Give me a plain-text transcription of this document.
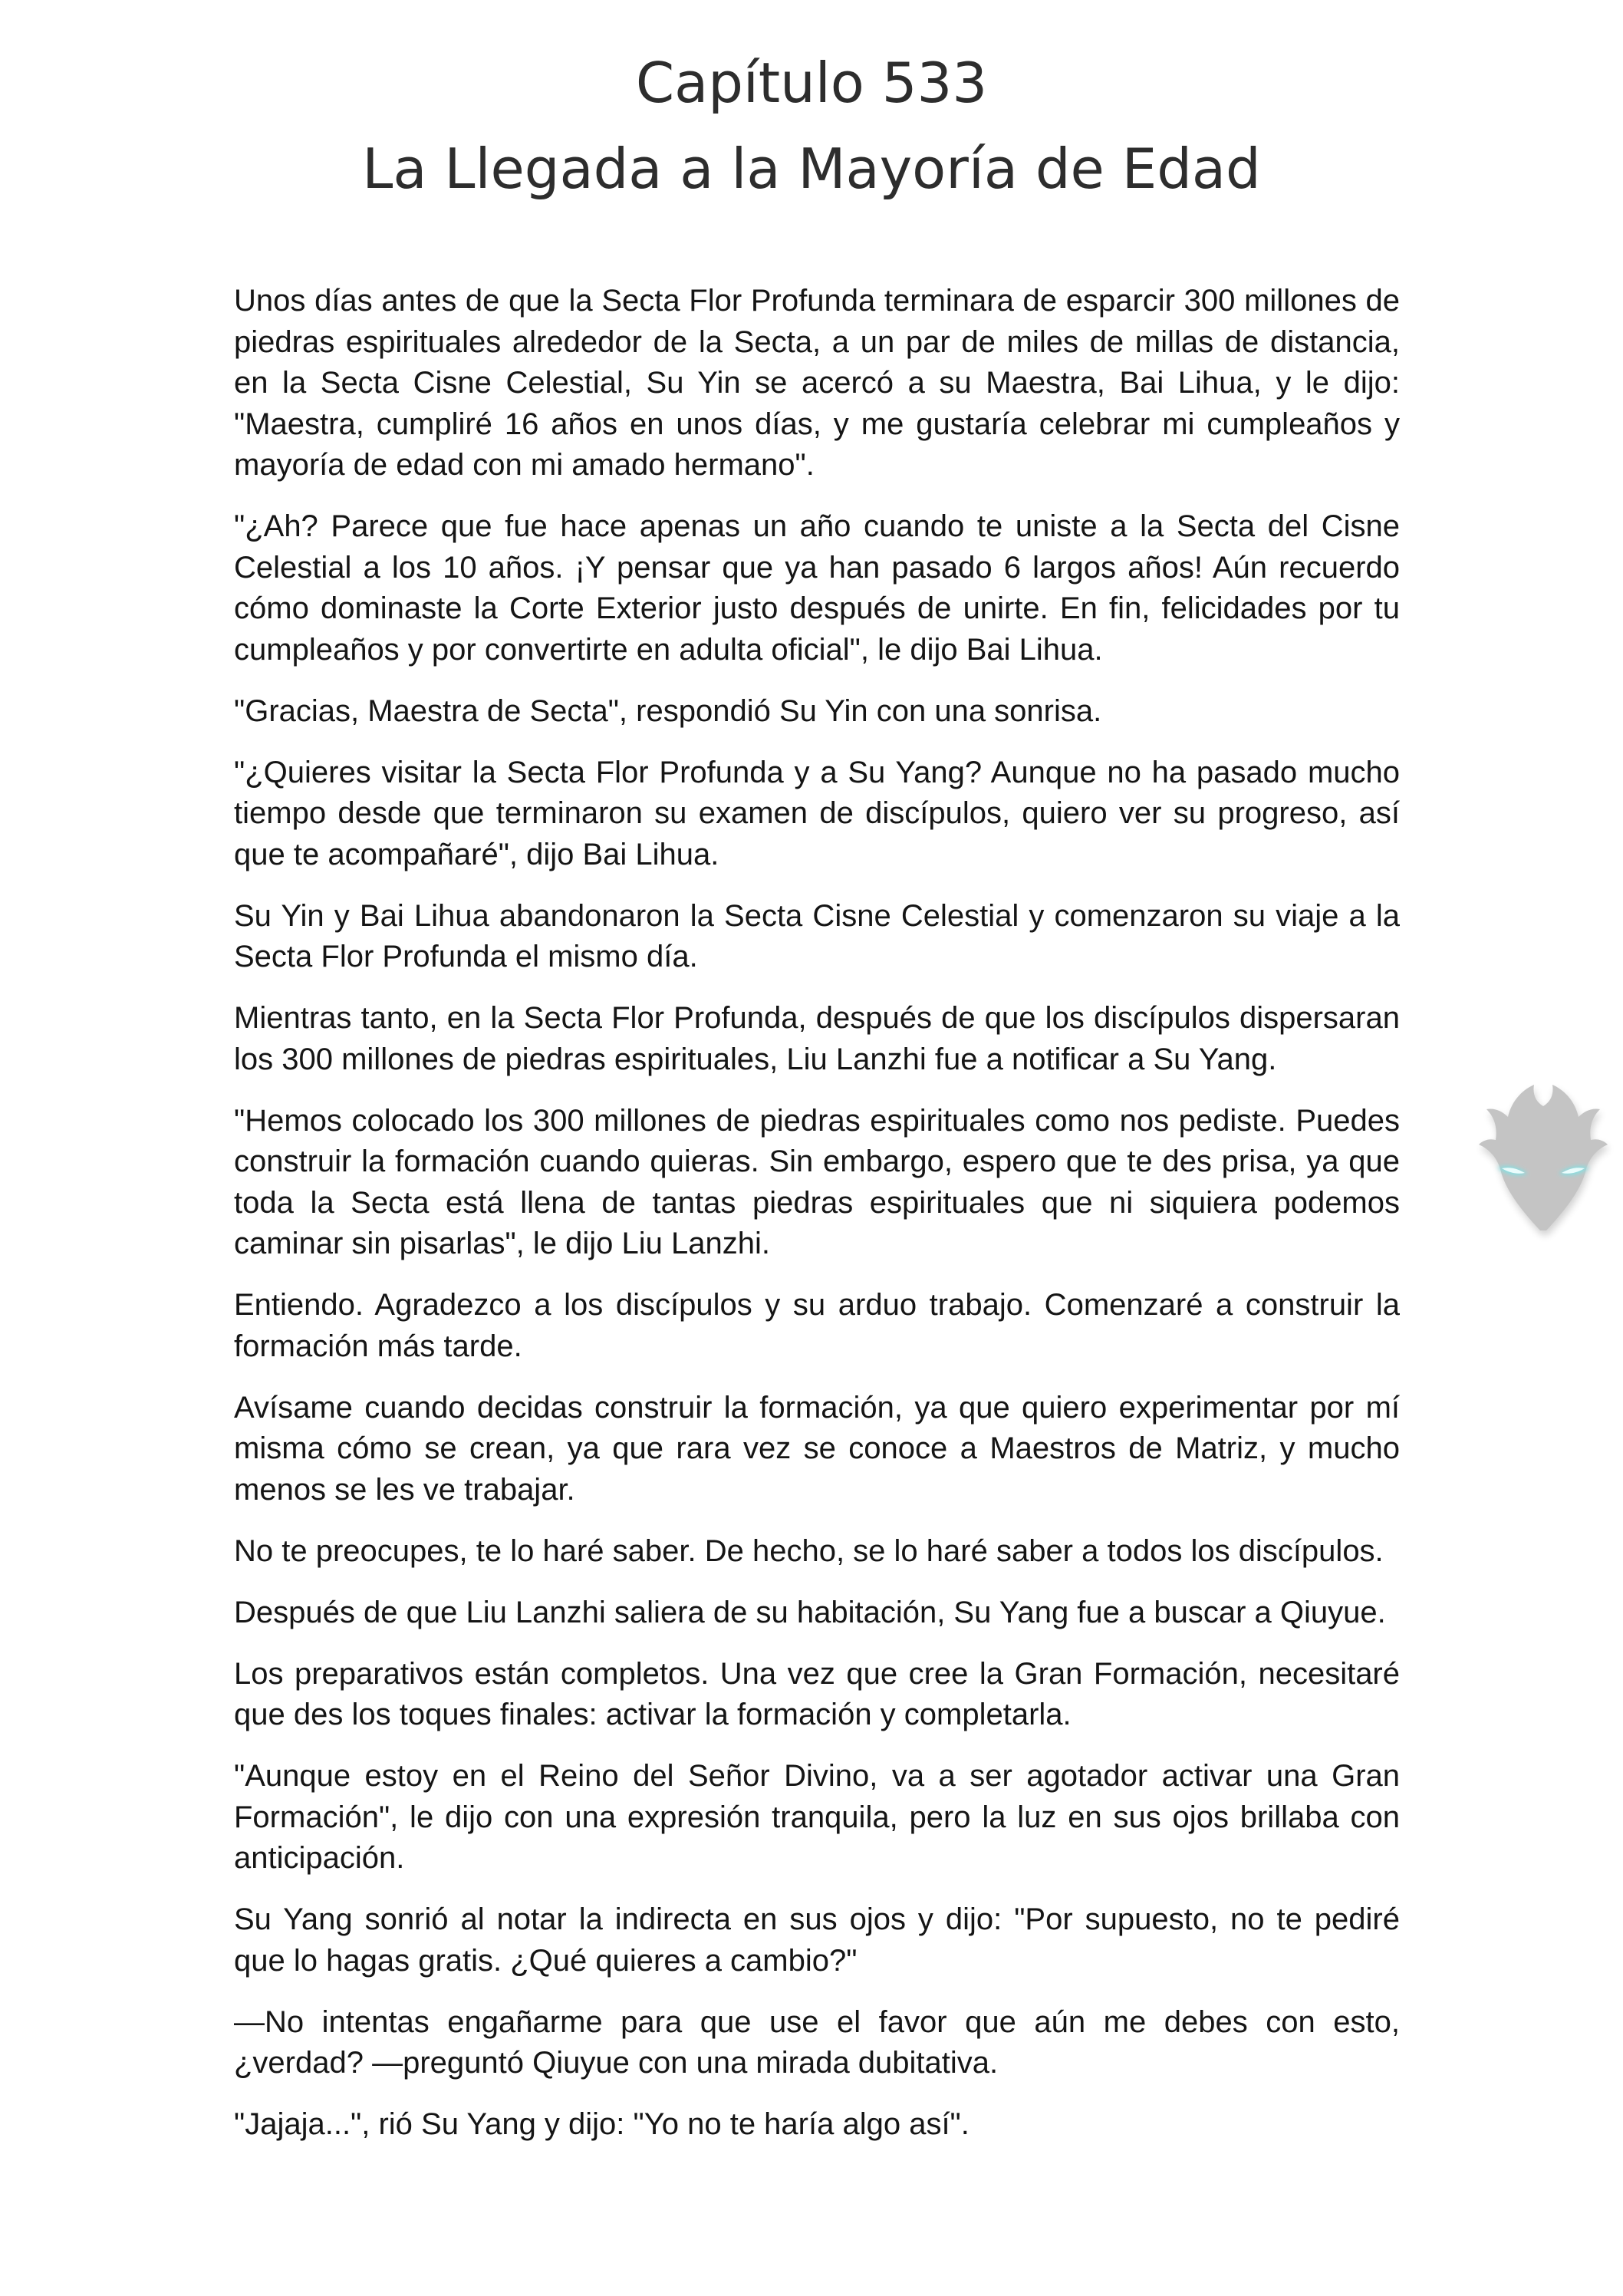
Capítulo 533
La Llegada a la Mayoría de Edad

Unos días antes de que la Secta Flor Profunda terminara de esparcir 300 millones de piedras espirituales alrededor de la Secta, a un par de miles de millas de distancia, en la Secta Cisne Celestial, Su Yin se acercó a su Maestra, Bai Lihua, y le dijo: "Maestra, cumpliré 16 años en unos días, y me gustaría celebrar mi cumpleaños y mayoría de edad con mi amado hermano".

"¿Ah? Parece que fue hace apenas un año cuando te uniste a la Secta del Cisne Celestial a los 10 años. ¡Y pensar que ya han pasado 6 largos años! Aún recuerdo cómo dominaste la Corte Exterior justo después de unirte. En fin, felicidades por tu cumpleaños y por convertirte en adulta oficial", le dijo Bai Lihua.

"Gracias, Maestra de Secta", respondió Su Yin con una sonrisa.

"¿Quieres visitar la Secta Flor Profunda y a Su Yang? Aunque no ha pasado mucho tiempo desde que terminaron su examen de discípulos, quiero ver su progreso, así que te acompañaré", dijo Bai Lihua.

Su Yin y Bai Lihua abandonaron la Secta Cisne Celestial y comenzaron su viaje a la Secta Flor Profunda el mismo día.

Mientras tanto, en la Secta Flor Profunda, después de que los discípulos dispersaran los 300 millones de piedras espirituales, Liu Lanzhi fue a notificar a Su Yang.

"Hemos colocado los 300 millones de piedras espirituales como nos pediste. Puedes construir la formación cuando quieras. Sin embargo, espero que te des prisa, ya que toda la Secta está llena de tantas piedras espirituales que ni siquiera podemos caminar sin pisarlas", le dijo Liu Lanzhi.

Entiendo. Agradezco a los discípulos y su arduo trabajo. Comenzaré a construir la formación más tarde.

Avísame cuando decidas construir la formación, ya que quiero experimentar por mí misma cómo se crean, ya que rara vez se conoce a Maestros de Matriz, y mucho menos se les ve trabajar.

No te preocupes, te lo haré saber. De hecho, se lo haré saber a todos los discípulos.

Después de que Liu Lanzhi saliera de su habitación, Su Yang fue a buscar a Qiuyue.

Los preparativos están completos. Una vez que cree la Gran Formación, necesitaré que des los toques finales: activar la formación y completarla.

"Aunque estoy en el Reino del Señor Divino, va a ser agotador activar una Gran Formación", le dijo con una expresión tranquila, pero la luz en sus ojos brillaba con anticipación.

Su Yang sonrió al notar la indirecta en sus ojos y dijo: "Por supuesto, no te pediré que lo hagas gratis. ¿Qué quieres a cambio?"

—No intentas engañarme para que use el favor que aún me debes con esto, ¿verdad? —preguntó Qiuyue con una mirada dubitativa.

"Jajaja...", rió Su Yang y dijo: "Yo no te haría algo así".
